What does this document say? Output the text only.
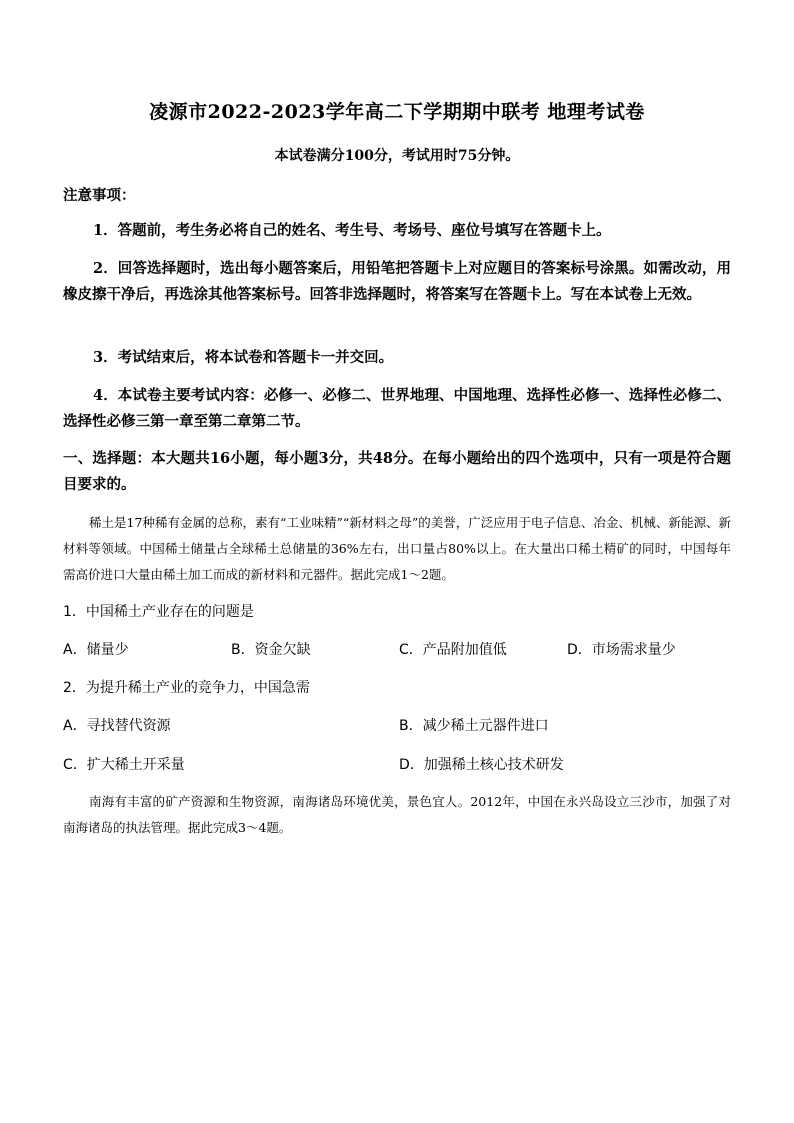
凌源市2022-2023学年高二下学期期中联考 地理考试卷
本试卷满分100分，考试用时75分钟。
注意事项：
1．答题前，考生务必将自己的姓名、考生号、考场号、座位号填写在答题卡上。
2．回答选择题时，选出每小题答案后，用铅笔把答题卡上对应题目的答案标号涂黑。如需改动，用橡皮擦干净后，再选涂其他答案标号。回答非选择题时，将答案写在答题卡上。写在本试卷上无效。
3．考试结束后，将本试卷和答题卡一并交回。
4．本试卷主要考试内容：必修一、必修二、世界地理、中国地理、选择性必修一、选择性必修二、选择性必修三第一章至第二章第二节。
一、选择题：本大题共16小题，每小题3分，共48分。在每小题给出的四个选项中，只有一项是符合题目要求的。
稀土是17种稀有金属的总称，素有“工业味精”“新材料之母”的美誉，广泛应用于电子信息、冶金、机械、新能源、新材料等领域。中国稀土储量占全球稀土总储量的36%左右，出口量占80%以上。在大量出口稀土精矿的同时，中国每年需高价进口大量由稀土加工而成的新材料和元器件。据此完成1～2题。
1．中国稀土产业存在的问题是
A．储量少	B．资金欠缺	C．产品附加值低	D．市场需求量少
2．为提升稀土产业的竞争力，中国急需
A．寻找替代资源	B．减少稀土元器件进口
C．扩大稀土开采量	D．加强稀土核心技术研发
南海有丰富的矿产资源和生物资源，南海诸岛环境优美，景色宜人。2012年，中国在永兴岛设立三沙市，加强了对南海诸岛的执法管理。据此完成3～4题。
